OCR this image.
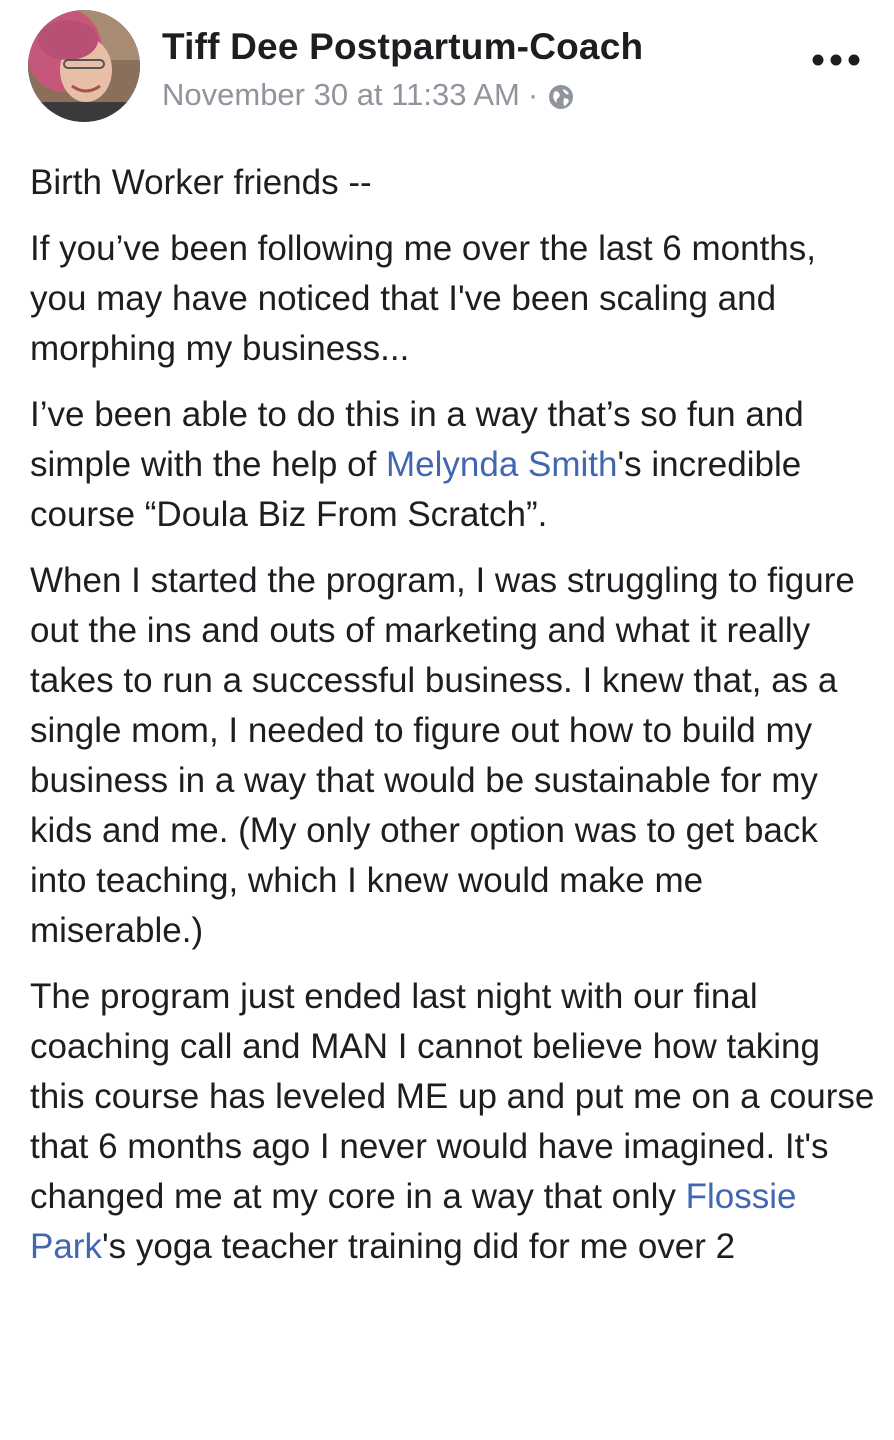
Tiff Dee Postpartum-Coach
November 30 at 11:33 AM ·

Birth Worker friends --

If you’ve been following me over the last 6 months, you may have noticed that I've been scaling and morphing my business...

I’ve been able to do this in a way that’s so fun and simple with the help of Melynda Smith's incredible course “Doula Biz From Scratch”.

When I started the program, I was struggling to figure out the ins and outs of marketing and what it really takes to run a successful business. I knew that, as a single mom, I needed to figure out how to build my business in a way that would be sustainable for my kids and me. (My only other option was to get back into teaching, which I knew would make me miserable.)

The program just ended last night with our final coaching call and MAN I cannot believe how taking this course has leveled ME up and put me on a course that 6 months ago I never would have imagined. It's changed me at my core in a way that only Flossie Park's yoga teacher training did for me over 2
